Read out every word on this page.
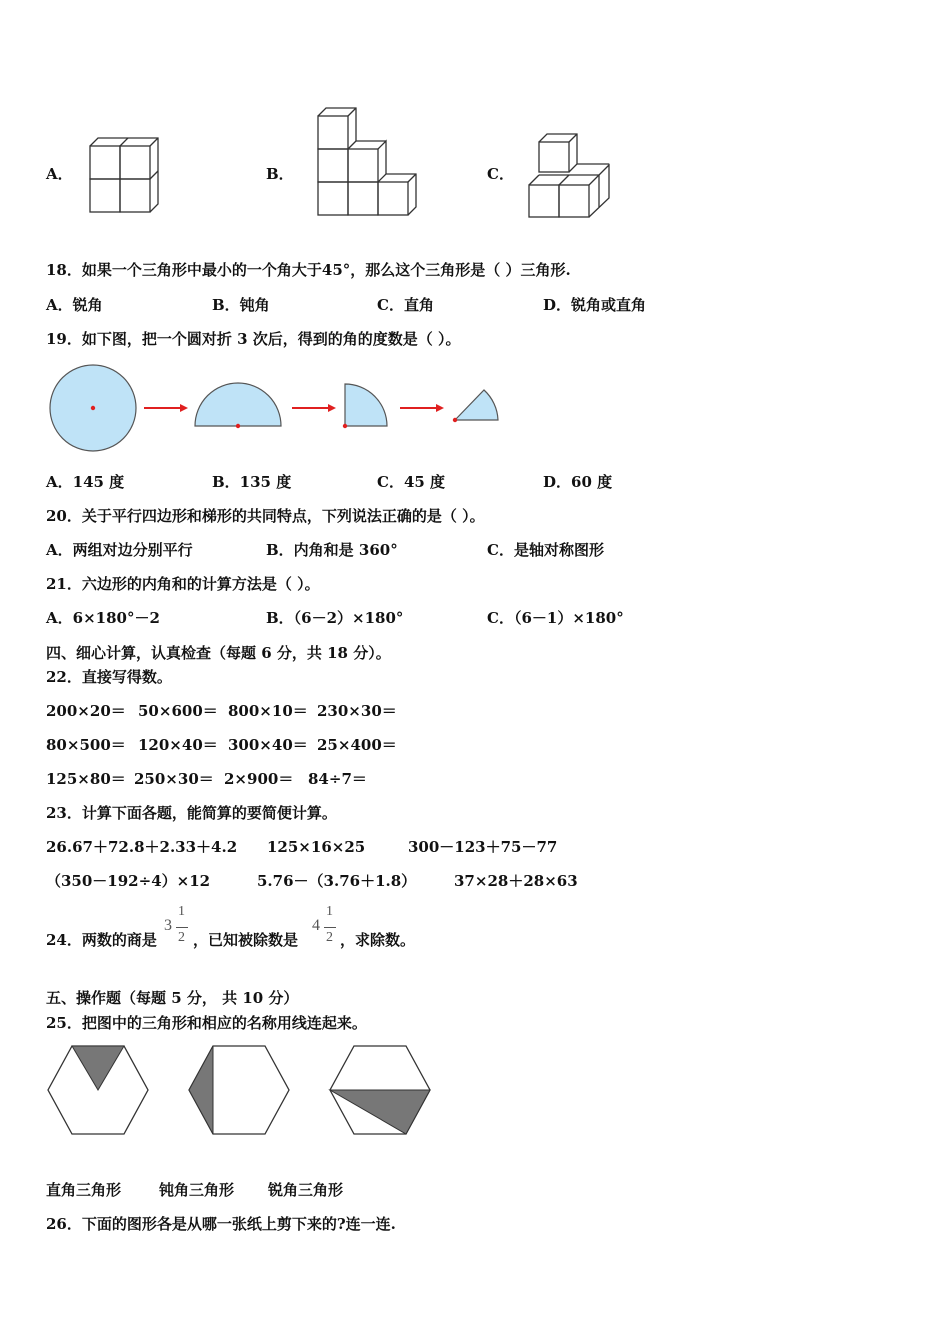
A．	B．	C．
18．如果一个三角形中最小的一个角大于45°，那么这个三角形是（ ）三角形.
A．锐角	B．钝角	C．直角	D．锐角或直角
19．如下图，把一个圆对折 3 次后，得到的角的度数是（ ）。
A．145 度	B．135 度	C．45 度	D．60 度
20．关于平行四边形和梯形的共同特点，下列说法正确的是（ ）。
A．两组对边分别平行	B．内角和是 360°	C．是轴对称图形
21．六边形的内角和的计算方法是（ ）。
A．6×180°－2	B．（6－2）×180°	C．（6－1）×180°
四、细心计算，认真检查（每题 6 分，共 18 分）。
22．直接写得数。
200×20＝ 50×600＝ 800×10＝ 230×30＝
80×500＝ 120×40＝ 300×40＝ 25×400＝
125×80＝ 250×30＝ 2×900＝ 84÷7＝
23．计算下面各题，能简算的要简便计算。
26.67＋72.8＋2.33＋4.2 125×16×25	300－123＋75－77
（350－192÷4）×12	5.76－（3.76＋1.8）	37×28＋28×63
24．两数的商是
3
1
2 ，已知被除数是
4
1
2 ，求除数。
五、操作题（每题 5 分， 共 10 分）
25．把图中的三角形和相应的名称用线连起来。
直角三角形	钝角三角形 锐角三角形
26．下面的图形各是从哪一张纸上剪下来的?连一连.
